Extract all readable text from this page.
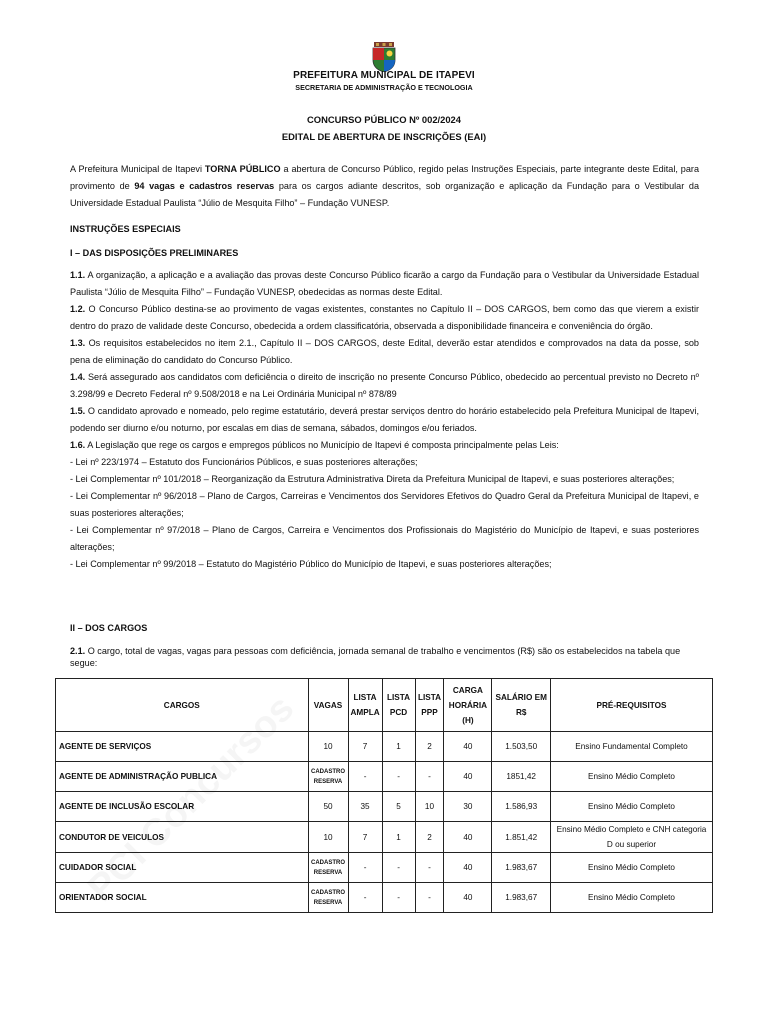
PREFEITURA MUNICIPAL DE ITAPEVI
SECRETARIA DE ADMINISTRAÇÃO E TECNOLOGIA
CONCURSO PÚBLICO Nº 002/2024
EDITAL DE ABERTURA DE INSCRIÇÕES (EAI)
A Prefeitura Municipal de Itapevi TORNA PÚBLICO a abertura de Concurso Público, regido pelas Instruções Especiais, parte integrante deste Edital, para provimento de 94 vagas e cadastros reservas para os cargos adiante descritos, sob organização e aplicação da Fundação para o Vestibular da Universidade Estadual Paulista “Júlio de Mesquita Filho” – Fundação VUNESP.
INSTRUÇÕES ESPECIAIS
I – DAS DISPOSIÇÕES PRELIMINARES

1.1. A organização, a aplicação e a avaliação das provas deste Concurso Público ficarão a cargo da Fundação para o Vestibular da Universidade Estadual Paulista “Júlio de Mesquita Filho” – Fundação VUNESP, obedecidas as normas deste Edital.

1.2. O Concurso Público destina-se ao provimento de vagas existentes, constantes no Capítulo II – DOS CARGOS, bem como das que vierem a existir dentro do prazo de validade deste Concurso, obedecida a ordem classificatória, observada a disponibilidade financeira e conveniência do órgão.

1.3. Os requisitos estabelecidos no item 2.1., Capítulo II – DOS CARGOS, deste Edital, deverão estar atendidos e comprovados na data da posse, sob pena de eliminação do candidato do Concurso Público.

1.4. Será assegurado aos candidatos com deficiência o direito de inscrição no presente Concurso Público, obedecido ao percentual previsto no Decreto nº 3.298/99 e Decreto Federal nº 9.508/2018 e na Lei Ordinária Municipal nº 878/89

1.5. O candidato aprovado e nomeado, pelo regime estatutário, deverá prestar serviços dentro do horário estabelecido pela Prefeitura Municipal de Itapevi, podendo ser diurno e/ou noturno, por escalas em dias de semana, sábados, domingos e/ou feriados.

1.6. A Legislação que rege os cargos e empregos públicos no Município de Itapevi é composta principalmente pelas Leis:

- Lei nº 223/1974 – Estatuto dos Funcionários Públicos, e suas posteriores alterações;

- Lei Complementar nº 101/2018 – Reorganização da Estrutura Administrativa Direta da Prefeitura Municipal de Itapevi, e suas posteriores alterações;

- Lei Complementar nº 96/2018 – Plano de Cargos, Carreiras e Vencimentos dos Servidores Efetivos do Quadro Geral da Prefeitura Municipal de Itapevi, e suas posteriores alterações;

- Lei Complementar nº 97/2018 – Plano de Cargos, Carreira e Vencimentos dos Profissionais do Magistério do Município de Itapevi, e suas posteriores alterações;

- Lei Complementar nº 99/2018 – Estatuto do Magistério Público do Município de Itapevi, e suas posteriores alterações;

II – DOS CARGOS
2.1. O cargo, total de vagas, vagas para pessoas com deficiência, jornada semanal de trabalho e vencimentos (R$) são os estabelecidos na tabela que segue:
CARGOS	VAGAS	LISTA AMPLA	LISTA PCD	LISTA PPP	CARGA HORÁRIA (H)	SALÁRIO EM R$	PRÉ-REQUISITOS
AGENTE DE SERVIÇOS	10	7	1	2	40	1.503,50	Ensino Fundamental Completo
AGENTE DE ADMINISTRAÇÃO PUBLICA	CADASTRO RESERVA	-	-	-	40	1851,42	Ensino Médio Completo
AGENTE DE INCLUSÃO ESCOLAR	50	35	5	10	30	1.586,93	Ensino Médio Completo
CONDUTOR DE VEICULOS	10	7	1	2	40	1.851,42	Ensino Médio Completo e CNH categoria D ou superior
CUIDADOR SOCIAL	CADASTRO RESERVA	-	-	-	40	1.983,67	Ensino Médio Completo
ORIENTADOR SOCIAL	CADASTRO RESERVA	-	-	-	40	1.983,67	Ensino Médio Completo
